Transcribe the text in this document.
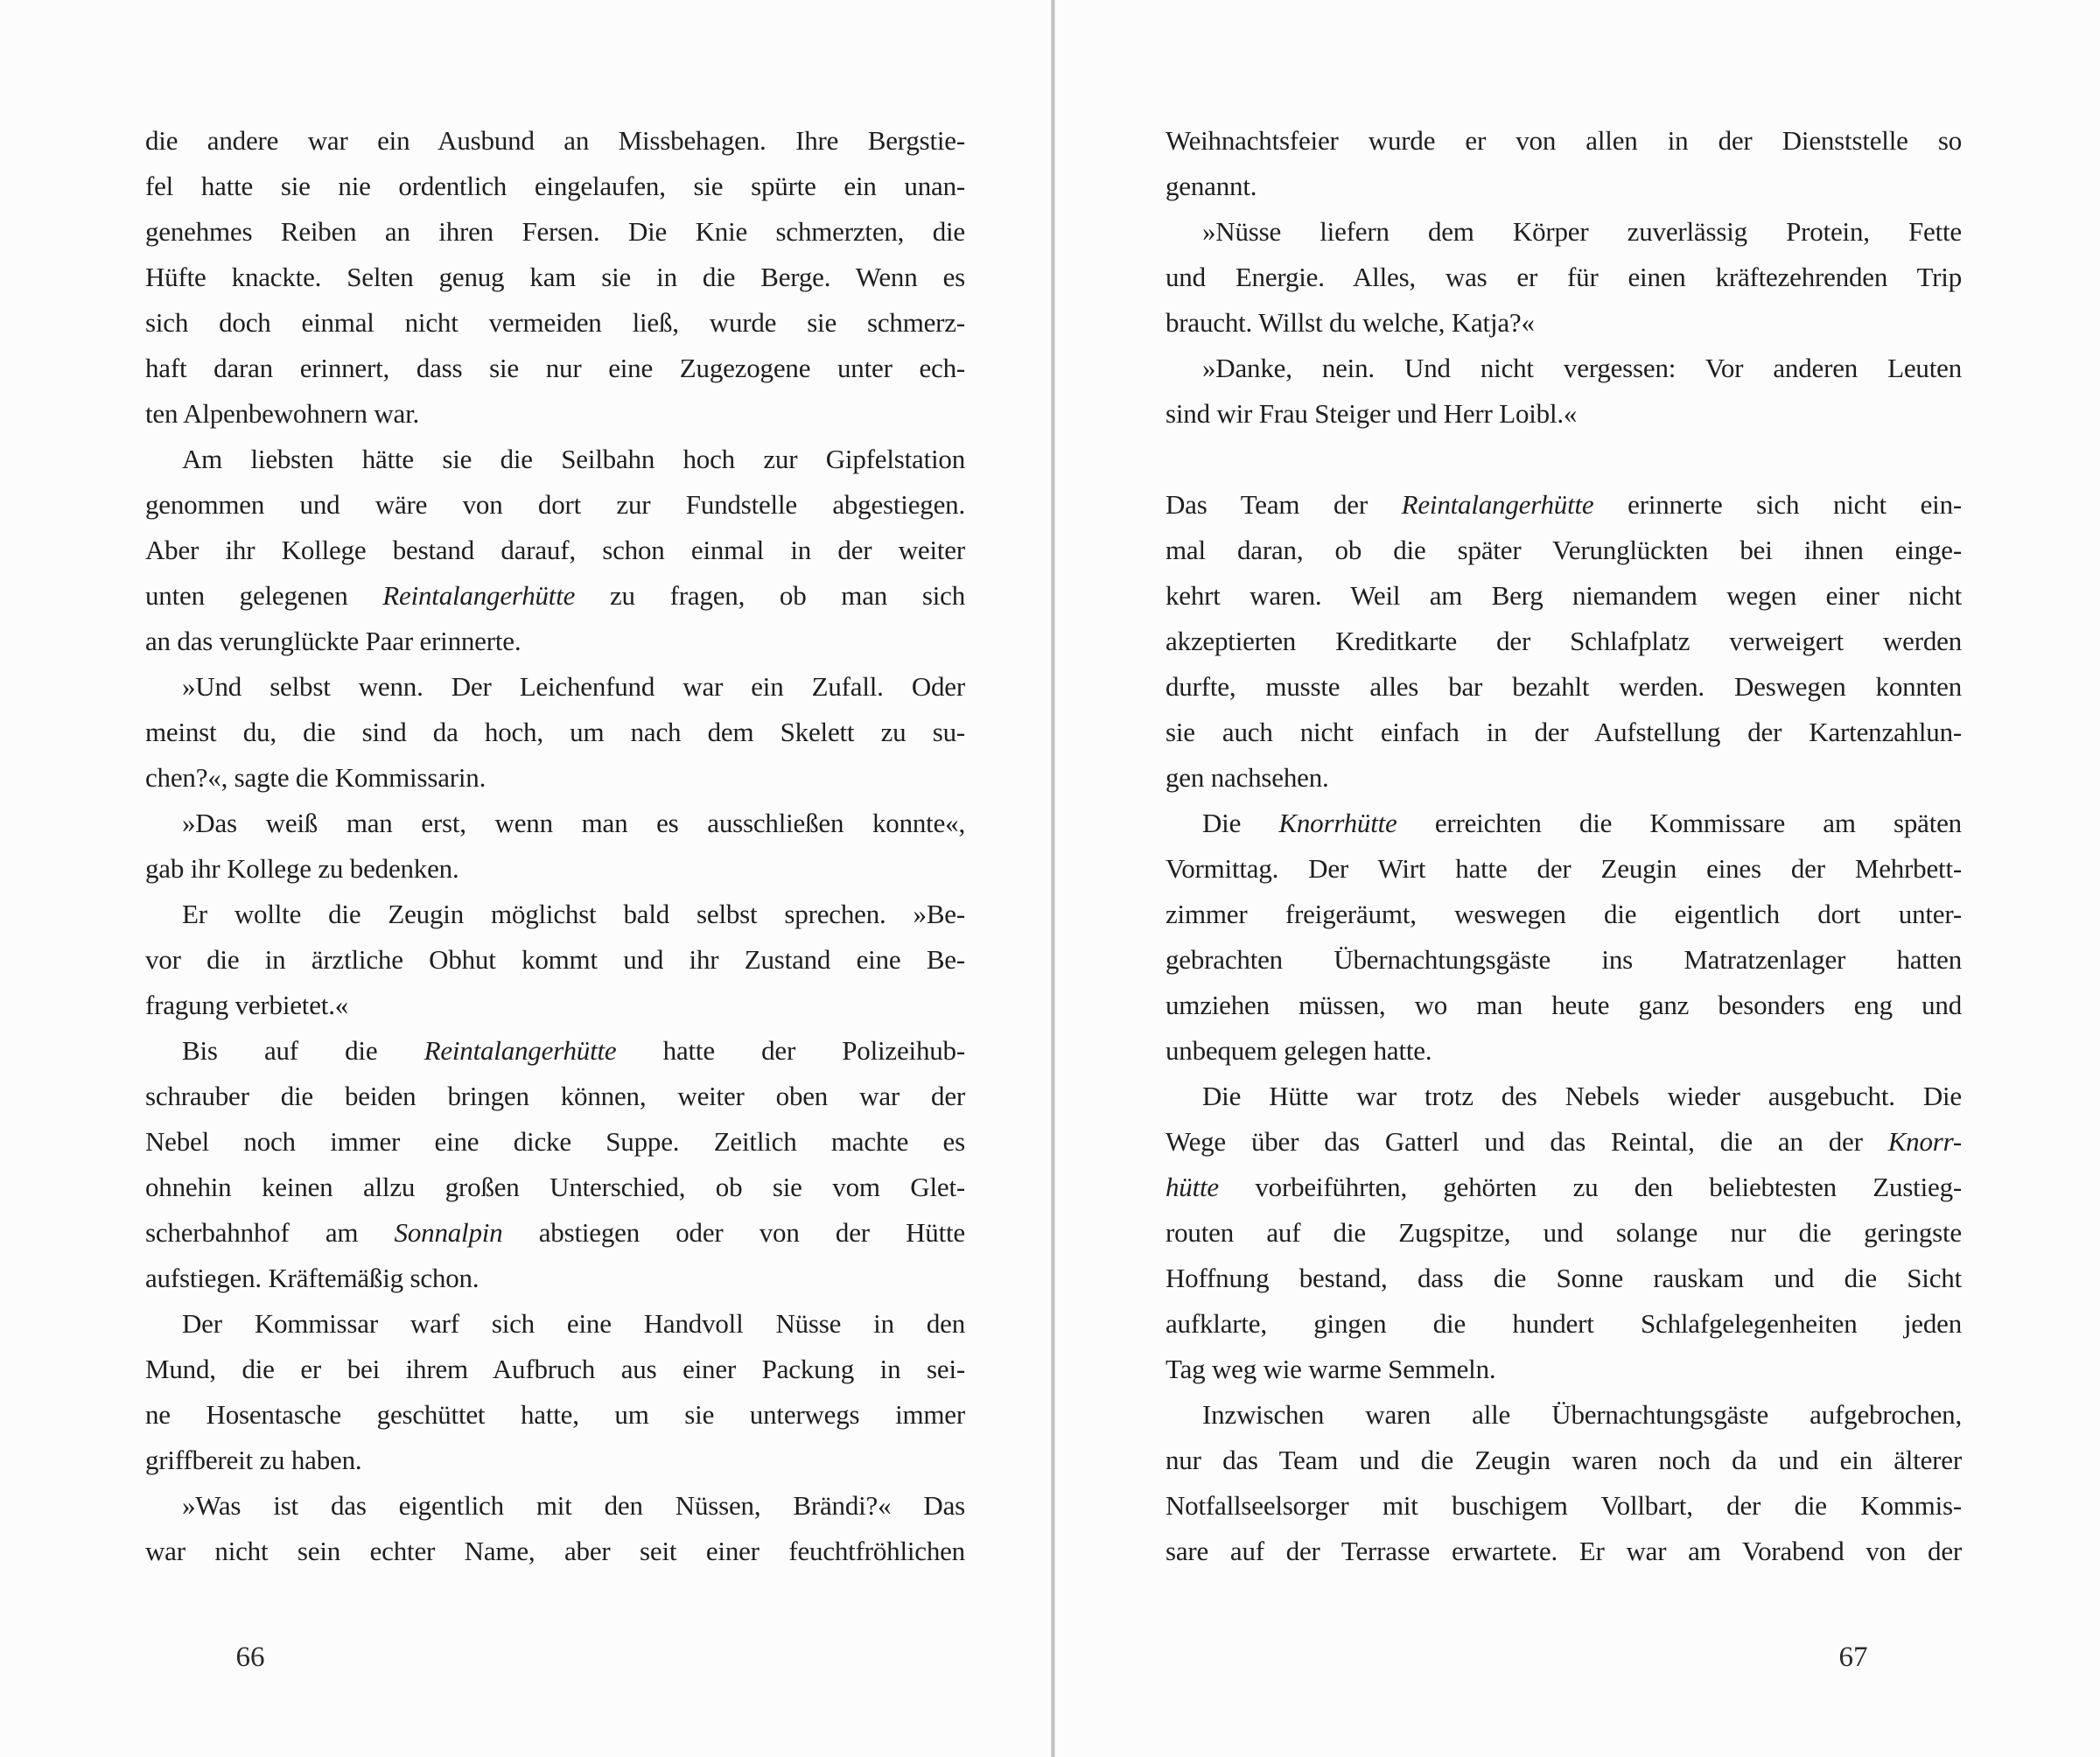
die andere war ein Ausbund an Missbehagen. Ihre Bergstie-
fel hatte sie nie ordentlich eingelaufen, sie spürte ein unan-
genehmes Reiben an ihren Fersen. Die Knie schmerzten, die
Hüfte knackte. Selten genug kam sie in die Berge. Wenn es
sich doch einmal nicht vermeiden ließ, wurde sie schmerz-
haft daran erinnert, dass sie nur eine Zugezogene unter ech-
ten Alpenbewohnern war.
Am liebsten hätte sie die Seilbahn hoch zur Gipfelstation
genommen und wäre von dort zur Fundstelle abgestiegen.
Aber ihr Kollege bestand darauf, schon einmal in der weiter
unten gelegenen Reintalangerhütte zu fragen, ob man sich
an das verunglückte Paar erinnerte.
»Und selbst wenn. Der Leichenfund war ein Zufall. Oder
meinst du, die sind da hoch, um nach dem Skelett zu su-
chen?«, sagte die Kommissarin.
»Das weiß man erst, wenn man es ausschließen konnte«,
gab ihr Kollege zu bedenken.
Er wollte die Zeugin möglichst bald selbst sprechen. »Be-
vor die in ärztliche Obhut kommt und ihr Zustand eine Be-
fragung verbietet.«
Bis auf die Reintalangerhütte hatte der Polizeihub-
schrauber die beiden bringen können, weiter oben war der
Nebel noch immer eine dicke Suppe. Zeitlich machte es
ohnehin keinen allzu großen Unterschied, ob sie vom Glet-
scherbahnhof am Sonnalpin abstiegen oder von der Hütte
aufstiegen. Kräftemäßig schon.
Der Kommissar warf sich eine Handvoll Nüsse in den
Mund, die er bei ihrem Aufbruch aus einer Packung in sei-
ne Hosentasche geschüttet hatte, um sie unterwegs immer
griffbereit zu haben.
»Was ist das eigentlich mit den Nüssen, Brändi?« Das
war nicht sein echter Name, aber seit einer feuchtfröhlichen
Weihnachtsfeier wurde er von allen in der Dienststelle so
genannt.
»Nüsse liefern dem Körper zuverlässig Protein, Fette
und Energie. Alles, was er für einen kräftezehrenden Trip
braucht. Willst du welche, Katja?«
»Danke, nein. Und nicht vergessen: Vor anderen Leuten
sind wir Frau Steiger und Herr Loibl.«
Das Team der Reintalangerhütte erinnerte sich nicht ein-
mal daran, ob die später Verunglückten bei ihnen einge-
kehrt waren. Weil am Berg niemandem wegen einer nicht
akzeptierten Kreditkarte der Schlafplatz verweigert werden
durfte, musste alles bar bezahlt werden. Deswegen konnten
sie auch nicht einfach in der Aufstellung der Kartenzahlun-
gen nachsehen.
Die Knorrhütte erreichten die Kommissare am späten
Vormittag. Der Wirt hatte der Zeugin eines der Mehrbett-
zimmer freigeräumt, weswegen die eigentlich dort unter-
gebrachten Übernachtungsgäste ins Matratzenlager hatten
umziehen müssen, wo man heute ganz besonders eng und
unbequem gelegen hatte.
Die Hütte war trotz des Nebels wieder ausgebucht. Die
Wege über das Gatterl und das Reintal, die an der Knorr-
hütte vorbeiführten, gehörten zu den beliebtesten Zustieg-
routen auf die Zugspitze, und solange nur die geringste
Hoffnung bestand, dass die Sonne rauskam und die Sicht
aufklarte, gingen die hundert Schlafgelegenheiten jeden
Tag weg wie warme Semmeln.
Inzwischen waren alle Übernachtungsgäste aufgebrochen,
nur das Team und die Zeugin waren noch da und ein älterer
Notfallseelsorger mit buschigem Vollbart, der die Kommis-
sare auf der Terrasse erwartete. Er war am Vorabend von der
66	67
